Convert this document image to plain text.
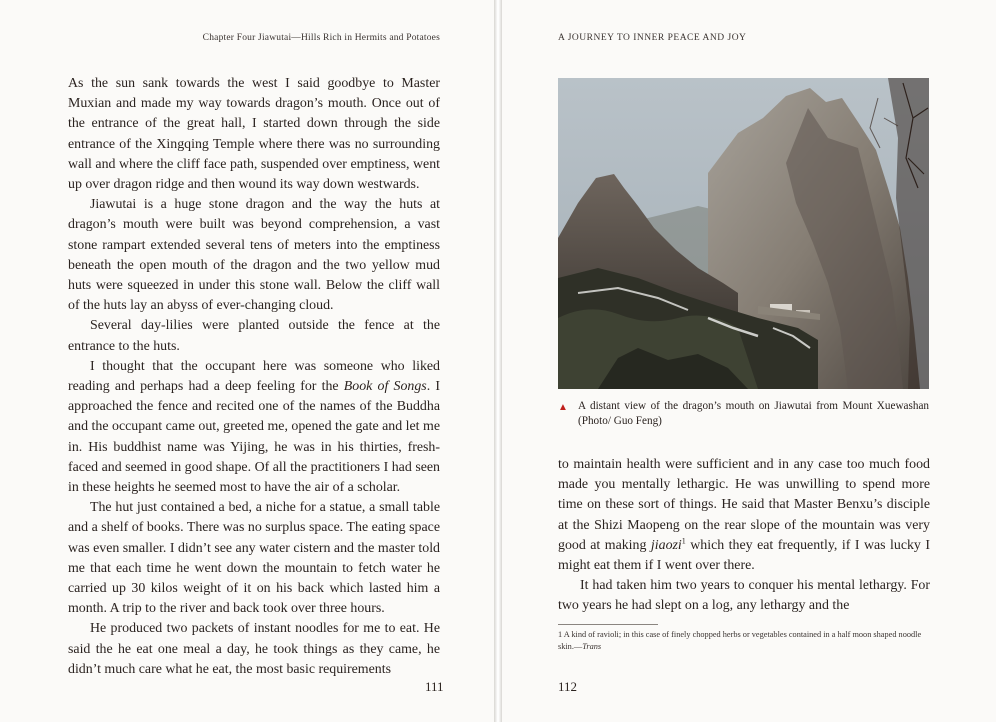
Chapter Four Jiawutai—Hills Rich in Hermits and Potatoes

As the sun sank towards the west I said goodbye to Master Muxian and made my way towards dragon’s mouth. Once out of the entrance of the great hall, I started down through the side entrance of the Xingqing Temple where there was no surrounding wall and where the cliff face path, suspended over emptiness, went up over dragon ridge and then wound its way down westwards.

Jiawutai is a huge stone dragon and the way the huts at dragon’s mouth were built was beyond comprehension, a vast stone rampart extended several tens of meters into the emptiness beneath the open mouth of the dragon and the two yellow mud huts were squeezed in under this stone wall. Below the cliff wall of the huts lay an abyss of ever-changing cloud.

Several day-lilies were planted outside the fence at the entrance to the huts.

I thought that the occupant here was someone who liked reading and perhaps had a deep feeling for the Book of Songs. I approached the fence and recited one of the names of the Buddha and the occupant came out, greeted me, opened the gate and let me in. His buddhist name was Yijing, he was in his thirties, fresh-faced and seemed in good shape. Of all the practitioners I had seen in these heights he seemed most to have the air of a scholar.

The hut just contained a bed, a niche for a statue, a small table and a shelf of books. There was no surplus space. The eating space was even smaller. I didn’t see any water cistern and the master told me that each time he went down the mountain to fetch water he carried up 30 kilos weight of it on his back which lasted him a month. A trip to the river and back took over three hours.

He produced two packets of instant noodles for me to eat. He said the he eat one meal a day, he took things as they came, he didn’t much care what he eat, the most basic requirements

111
A JOURNEY TO INNER PEACE AND JOY
▲ A distant view of the dragon’s mouth on Jiawutai from Mount Xuewashan (Photo/ Guo Feng)

to maintain health were sufficient and in any case too much food made you mentally lethargic. He was unwilling to spend more time on these sort of things. He said that Master Benxu’s disciple at the Shizi Maopeng on the rear slope of the mountain was very good at making jiaozi$^1$ which they eat frequently, if I was lucky I might eat them if I went over there.

It had taken him two years to conquer his mental lethargy. For two years he had slept on a log, any lethargy and the

1 A kind of ravioli; in this case of finely chopped herbs or vegetables contained in a half moon shaped noodle skin.—Trans
112
